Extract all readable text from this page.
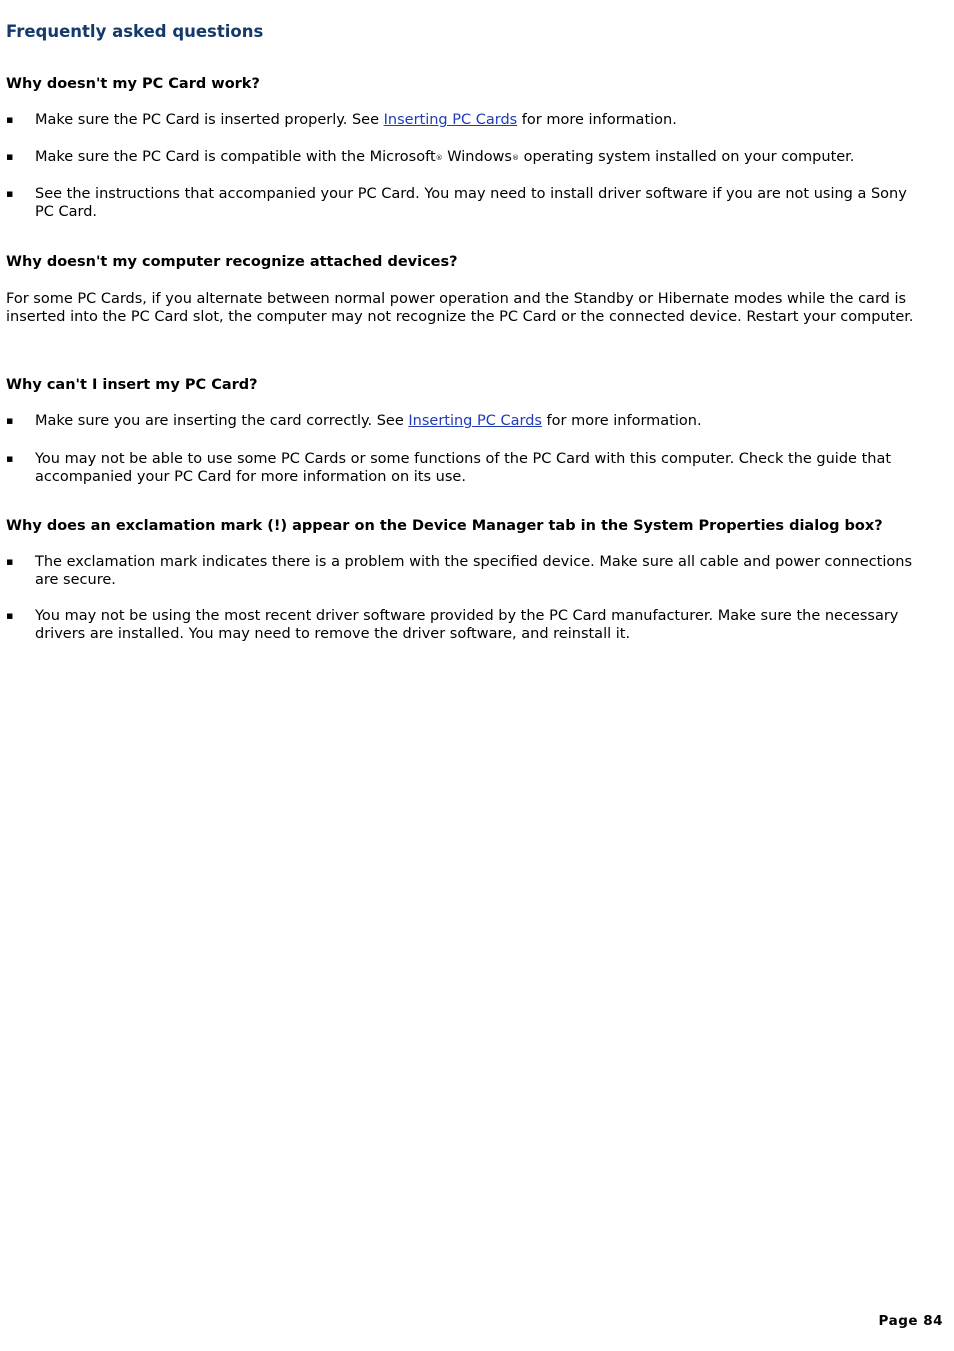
Frequently asked questions
Why doesn't my PC Card work?
▪ Make sure the PC Card is inserted properly. See Inserting PC Cards for more information.
▪ Make sure the PC Card is compatible with the Microsoft® Windows® operating system installed on your computer.
▪ See the instructions that accompanied your PC Card. You may need to install driver software if you are not using a Sony PC Card.
Why doesn't my computer recognize attached devices?

For some PC Cards, if you alternate between normal power operation and the Standby or Hibernate modes while the card is inserted into the PC Card slot, the computer may not recognize the PC Card or the connected device. Restart your computer.

Why can't I insert my PC Card?
▪ Make sure you are inserting the card correctly. See Inserting PC Cards for more information.
▪ You may not be able to use some PC Cards or some functions of the PC Card with this computer. Check the guide that accompanied your PC Card for more information on its use.
Why does an exclamation mark (!) appear on the Device Manager tab in the System Properties dialog box?
▪ The exclamation mark indicates there is a problem with the specified device. Make sure all cable and power connections are secure.
▪ You may not be using the most recent driver software provided by the PC Card manufacturer. Make sure the necessary drivers are installed. You may need to remove the driver software, and reinstall it.
Page 84
